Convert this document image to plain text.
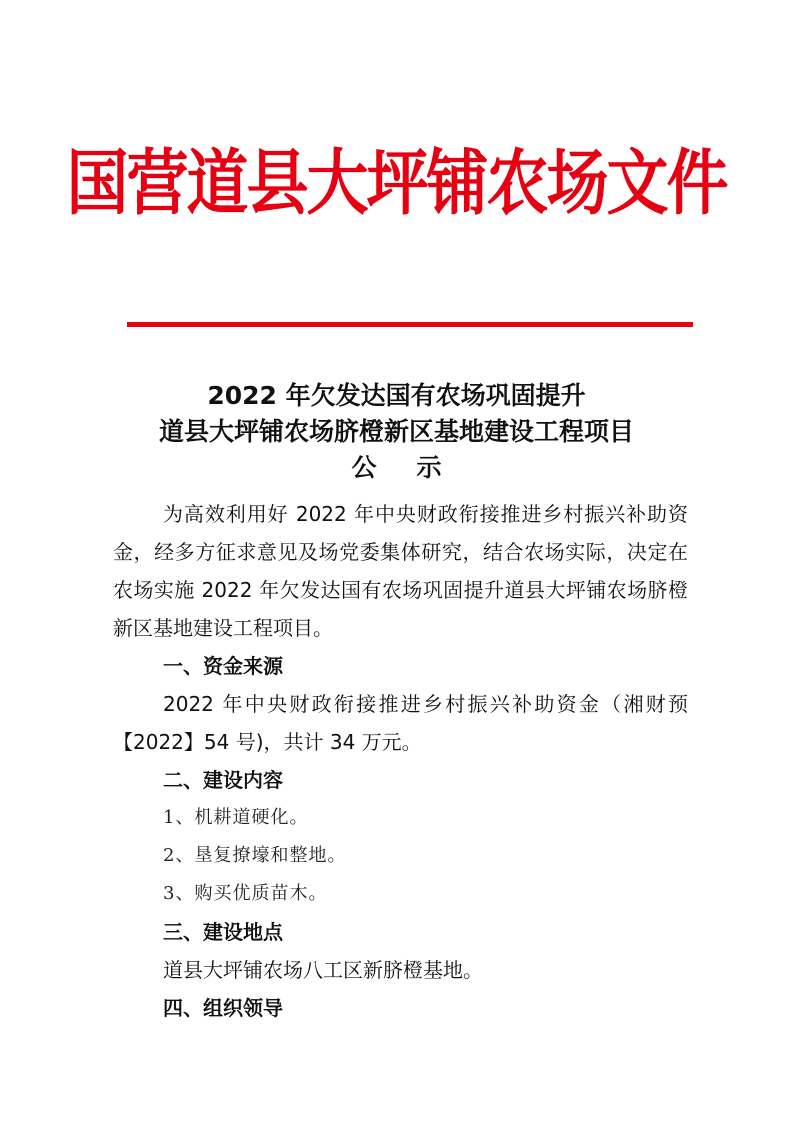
国营道县大坪铺农场文件
2022 年欠发达国有农场巩固提升
道县大坪铺农场脐橙新区基地建设工程项目
公示

为高效利用好 2022 年中央财政衔接推进乡村振兴补助资金，经多方征求意见及场党委集体研究，结合农场实际，决定在农场实施 2022 年欠发达国有农场巩固提升道县大坪铺农场脐橙新区基地建设工程项目。

一、资金来源

2022 年中央财政衔接推进乡村振兴补助资金（湘财预【2022】54 号)，共计 34 万元。

二、建设内容

1、机耕道硬化。

2、垦复撩壕和整地。

3、购买优质苗木。

三、建设地点

道县大坪铺农场八工区新脐橙基地。

四、组织领导
